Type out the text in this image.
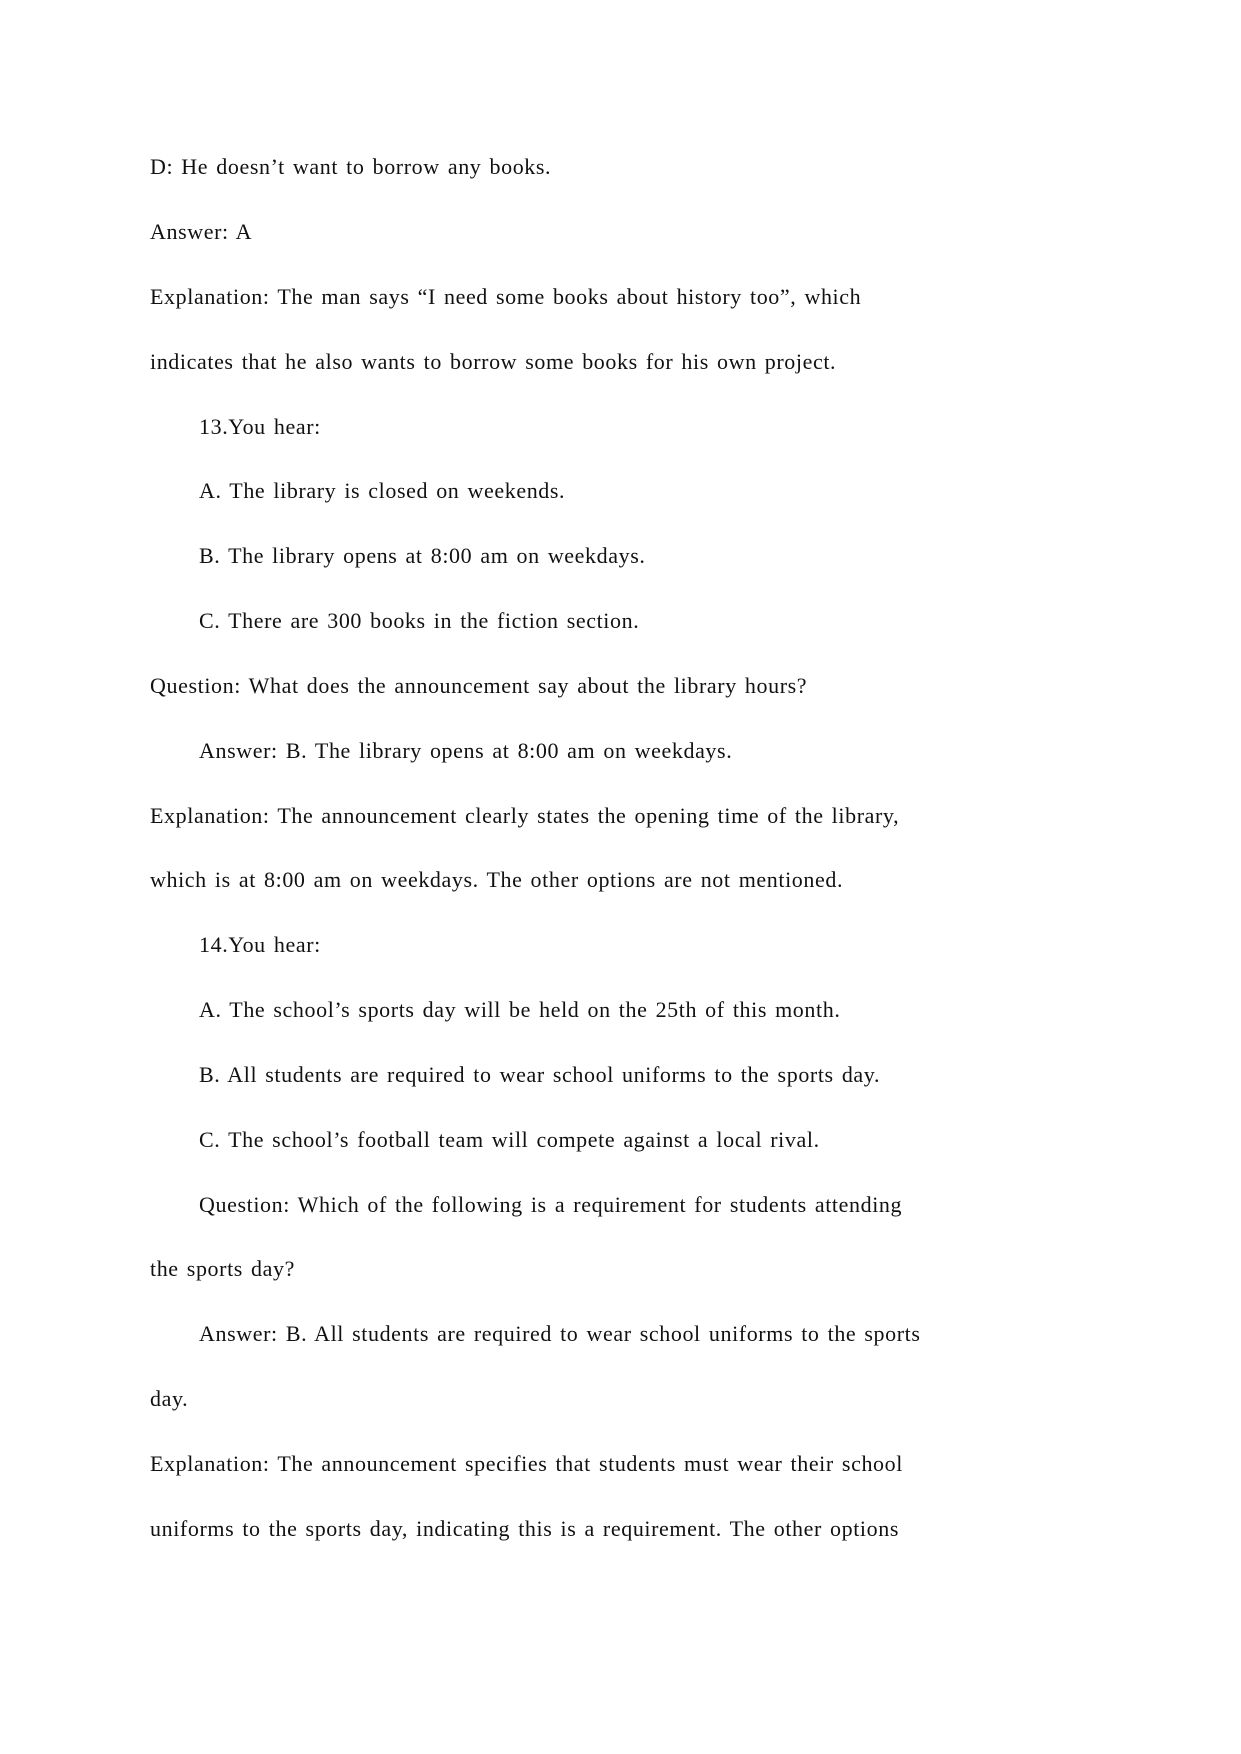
D: He doesn’t want to borrow any books.
Answer: A
Explanation: The man says “I need some books about history too”, which
indicates that he also wants to borrow some books for his own project.
13.You hear:
A. The library is closed on weekends.
B. The library opens at 8:00 am on weekdays.
C. There are 300 books in the fiction section.
Question: What does the announcement say about the library hours?
Answer: B. The library opens at 8:00 am on weekdays.
Explanation: The announcement clearly states the opening time of the library,
which is at 8:00 am on weekdays. The other options are not mentioned.
14.You hear:
A. The school’s sports day will be held on the 25th of this month.
B. All students are required to wear school uniforms to the sports day.
C. The school’s football team will compete against a local rival.
Question: Which of the following is a requirement for students attending
the sports day?
Answer: B. All students are required to wear school uniforms to the sports
day.
Explanation: The announcement specifies that students must wear their school
uniforms to the sports day, indicating this is a requirement. The other options
